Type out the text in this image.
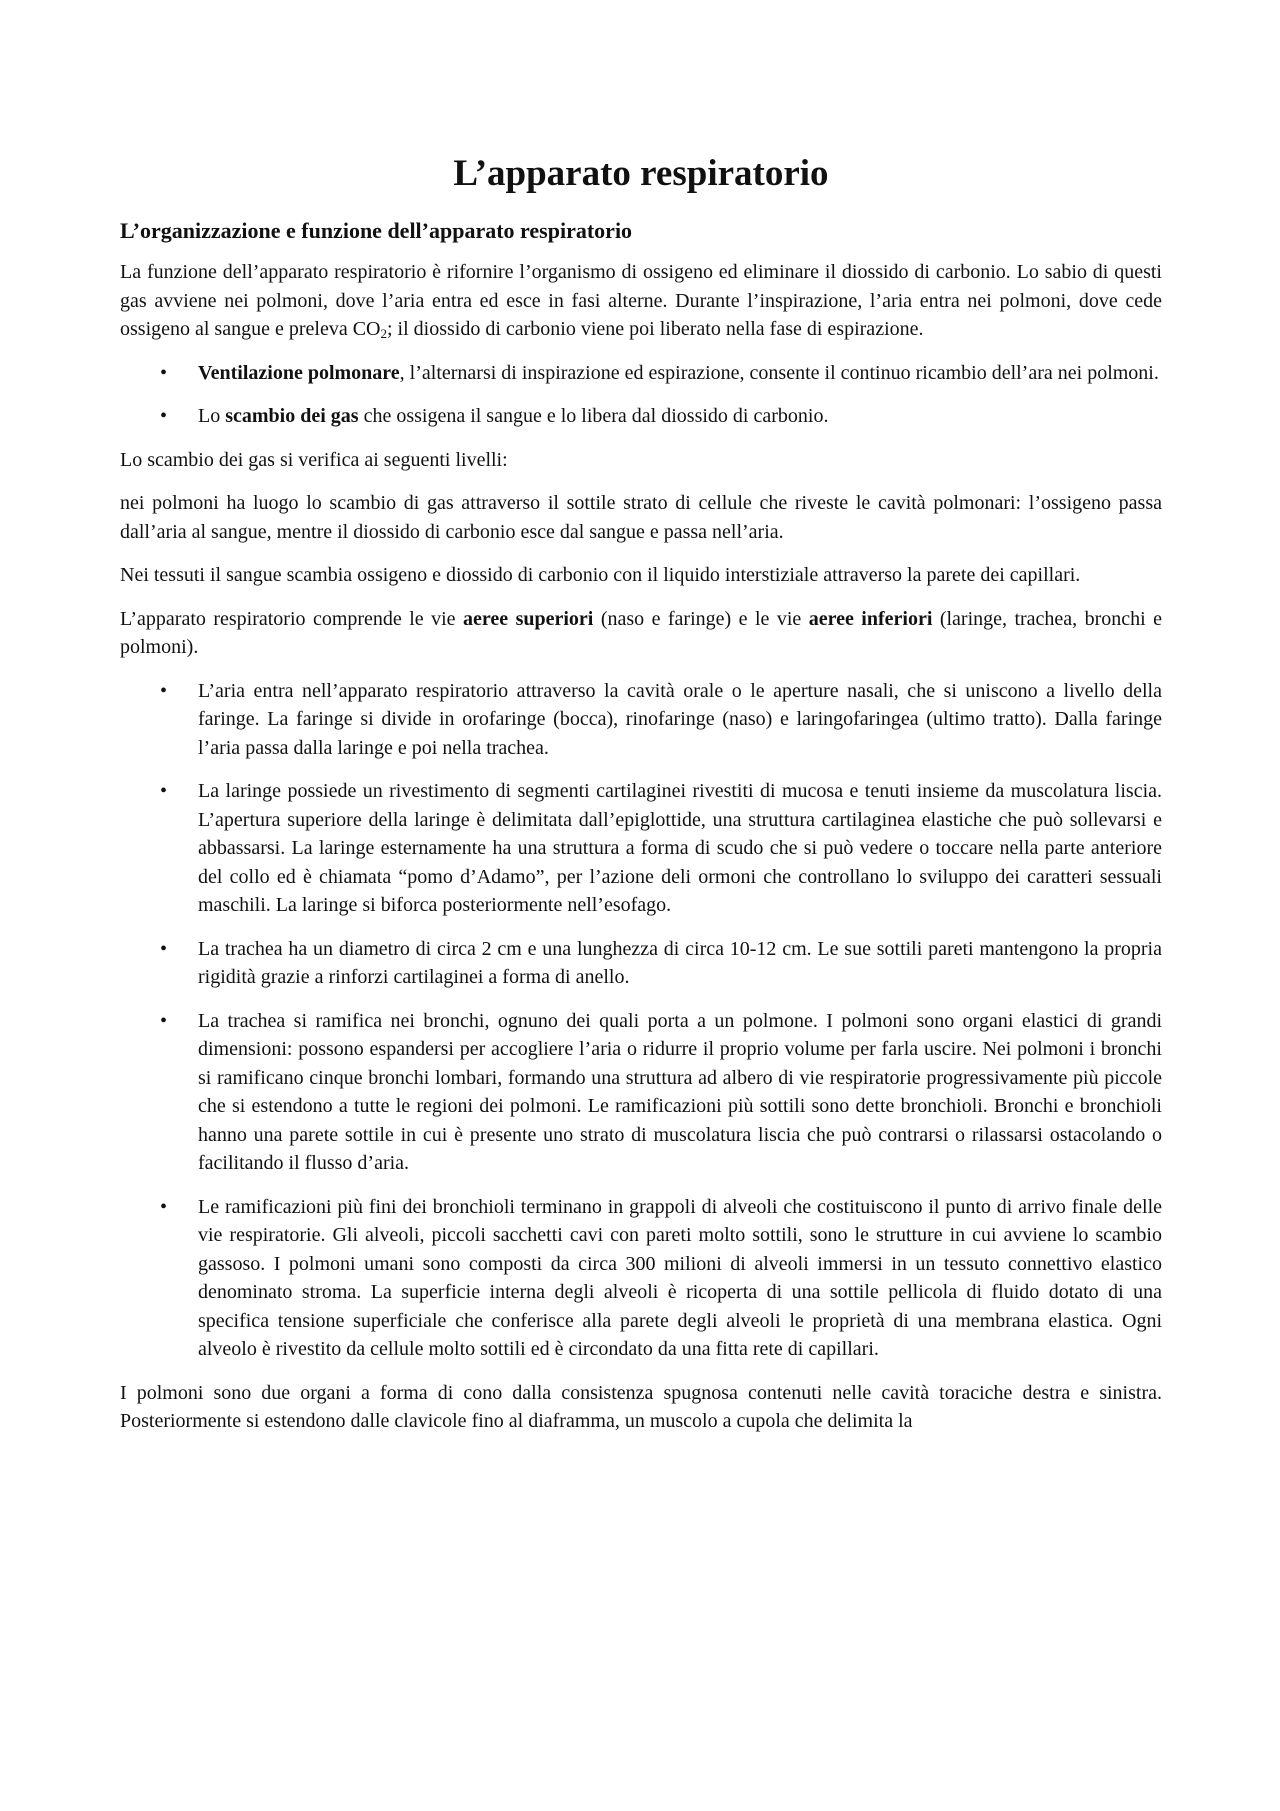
L’apparato respiratorio
L’organizzazione e funzione dell’apparato respiratorio

La funzione dell’apparato respiratorio è rifornire l’organismo di ossigeno ed eliminare il diossido di carbonio. Lo sabio di questi gas avviene nei polmoni, dove l’aria entra ed esce in fasi alterne. Durante l’inspirazione, l’aria entra nei polmoni, dove cede ossigeno al sangue e preleva $CO_2$; il diossido di carbonio viene poi liberato nella fase di espirazione.

• Ventilazione polmonare, l’alternarsi di inspirazione ed espirazione, consente il continuo ricambio dell’ara nei polmoni.
• Lo scambio dei gas che ossigena il sangue e lo libera dal diossido di carbonio.

Lo scambio dei gas si verifica ai seguenti livelli:

nei polmoni ha luogo lo scambio di gas attraverso il sottile strato di cellule che riveste le cavità polmonari: l’ossigeno passa dall’aria al sangue, mentre il diossido di carbonio esce dal sangue e passa nell’aria.

Nei tessuti il sangue scambia ossigeno e diossido di carbonio con il liquido interstiziale attraverso la parete dei capillari.

L’apparato respiratorio comprende le vie aeree superiori (naso e faringe) e le vie aeree inferiori (laringe, trachea, bronchi e polmoni).

• L’aria entra nell’apparato respiratorio attraverso la cavità orale o le aperture nasali, che si uniscono a livello della faringe. La faringe si divide in orofaringe (bocca), rinofaringe (naso) e laringofaringea (ultimo tratto). Dalla faringe l’aria passa dalla laringe e poi nella trachea.
• La laringe possiede un rivestimento di segmenti cartilaginei rivestiti di mucosa e tenuti insieme da muscolatura liscia. L’apertura superiore della laringe è delimitata dall’epiglottide, una struttura cartilaginea elastiche che può sollevarsi e abbassarsi. La laringe esternamente ha una struttura a forma di scudo che si può vedere o toccare nella parte anteriore del collo ed è chiamata “pomo d’Adamo”, per l’azione deli ormoni che controllano lo sviluppo dei caratteri sessuali maschili. La laringe si biforca posteriormente nell’esofago.
• La trachea ha un diametro di circa 2 cm e una lunghezza di circa 10-12 cm. Le sue sottili pareti mantengono la propria rigidità grazie a rinforzi cartilaginei a forma di anello.
• La trachea si ramifica nei bronchi, ognuno dei quali porta a un polmone. I polmoni sono organi elastici di grandi dimensioni: possono espandersi per accogliere l’aria o ridurre il proprio volume per farla uscire. Nei polmoni i bronchi si ramificano cinque bronchi lombari, formando una struttura ad albero di vie respiratorie progressivamente più piccole che si estendono a tutte le regioni dei polmoni. Le ramificazioni più sottili sono dette bronchioli. Bronchi e bronchioli hanno una parete sottile in cui è presente uno strato di muscolatura liscia che può contrarsi o rilassarsi ostacolando o facilitando il flusso d’aria.
• Le ramificazioni più fini dei bronchioli terminano in grappoli di alveoli che costituiscono il punto di arrivo finale delle vie respiratorie. Gli alveoli, piccoli sacchetti cavi con pareti molto sottili, sono le strutture in cui avviene lo scambio gassoso. I polmoni umani sono composti da circa 300 milioni di alveoli immersi in un tessuto connettivo elastico denominato stroma. La superficie interna degli alveoli è ricoperta di una sottile pellicola di fluido dotato di una specifica tensione superficiale che conferisce alla parete degli alveoli le proprietà di una membrana elastica. Ogni alveolo è rivestito da cellule molto sottili ed è circondato da una fitta rete di capillari.

I polmoni sono due organi a forma di cono dalla consistenza spugnosa contenuti nelle cavità toraciche destra e sinistra. Posteriormente si estendono dalle clavicole fino al diaframma, un muscolo a cupola che delimita la
